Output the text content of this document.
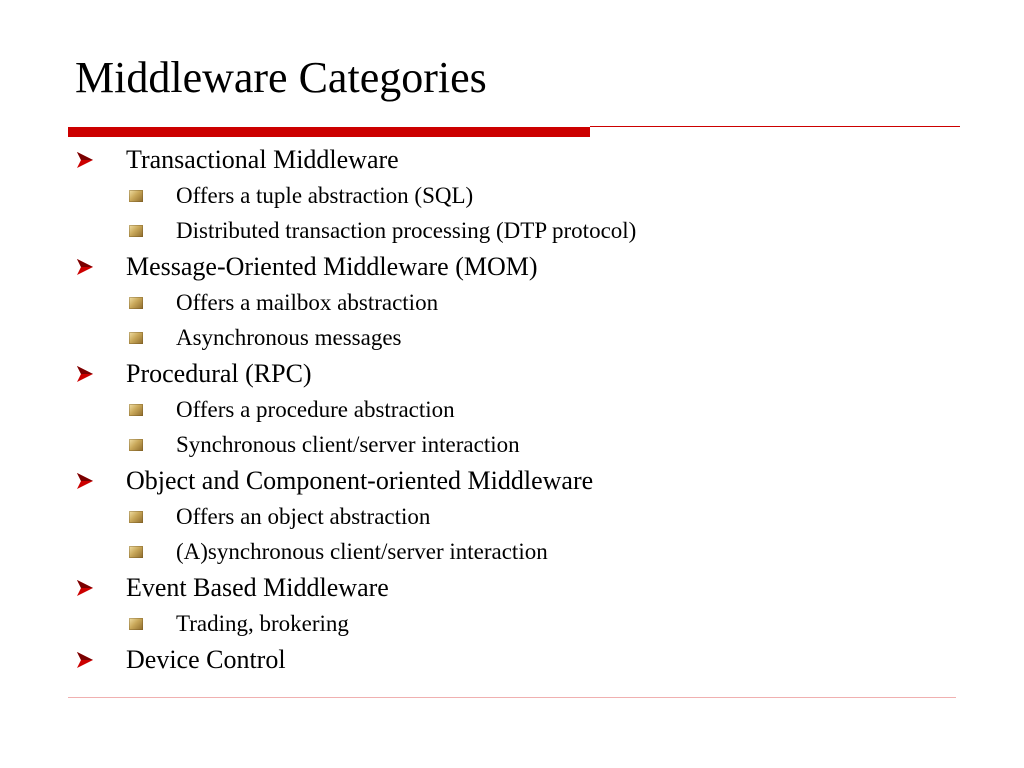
Middleware Categories
Transactional Middleware
Offers a tuple abstraction (SQL)
Distributed transaction processing (DTP protocol)
Message-Oriented Middleware (MOM)
Offers a mailbox abstraction
Asynchronous messages
Procedural (RPC)
Offers a procedure abstraction
Synchronous client/server interaction
Object and Component-oriented Middleware
Offers an object abstraction
(A)synchronous client/server interaction
Event Based Middleware
Trading, brokering
Device Control
